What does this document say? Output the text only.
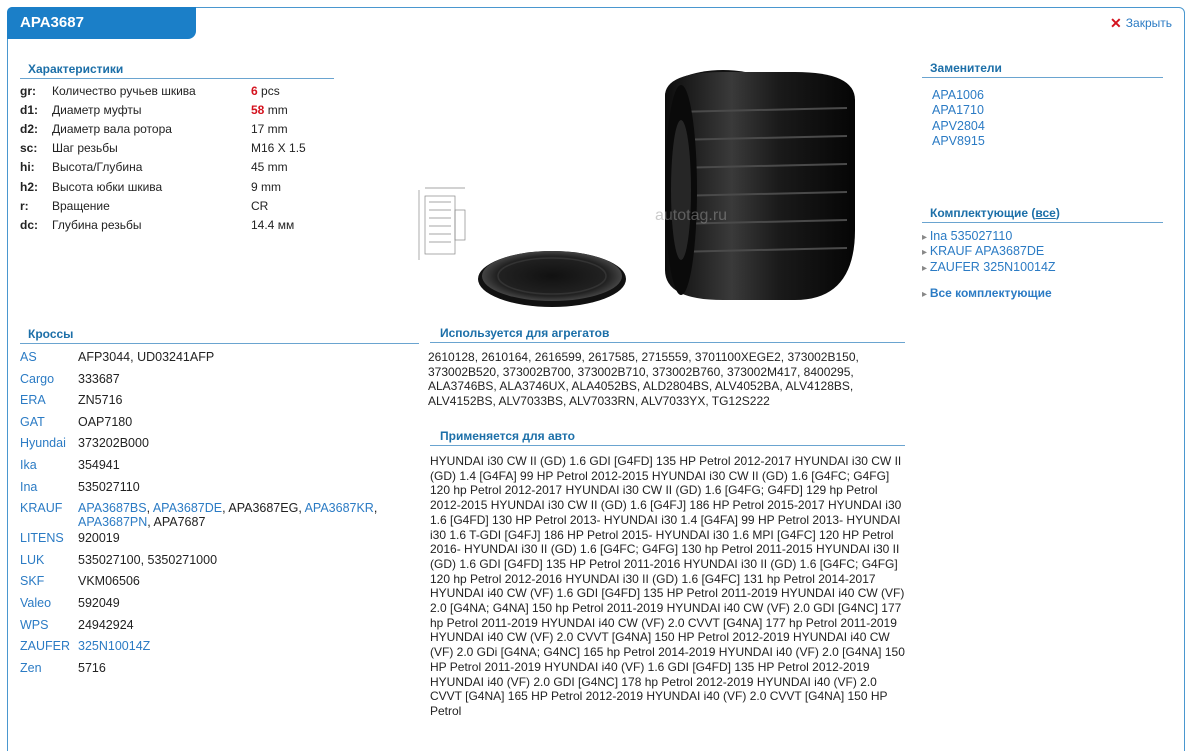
APA3687	✕ Закрыть
Характеристики
gr:	Количество ручьев шкива	6 pcs
d1:	Диаметр муфты	58 mm
d2:	Диаметр вала ротора	17 mm
sc:	Шаг резьбы	M16 X 1.5
hi:	Высота/Глубина	45 mm
h2:	Высота юбки шкива	9 mm
r:	Вращение	CR
dc:	Глубина резьбы	14.4 мм
autotag.ru
Заменители
APA1006
APA1710
APV2804
APV8915
Комплектующие (все)
▸ Ina 535027110
▸ KRAUF APA3687DE
▸ ZAUFER 325N10014Z
▸ Все комплектующие
Кроссы
AS	AFP3044, UD03241AFP
Cargo	333687
ERA	ZN5716
GAT	OAP7180
Hyundai	373202B000
Ika	354941
Ina	535027110
KRAUF	APA3687BS, APA3687DE, APA3687EG, APA3687KR, APA3687PN, APA7687
LITENS	920019
LUK	535027100, 5350271000
SKF	VKM06506
Valeo	592049
WPS	24942924
ZAUFER	325N10014Z
Zen	5716
Используется для агрегатов
2610128, 2610164, 2616599, 2617585, 2715559, 3701100XEGE2, 373002B150, 373002B520, 373002B700, 373002B710, 373002B760, 373002M417, 8400295, ALA3746BS, ALA3746UX, ALA4052BS, ALD2804BS, ALV4052BA, ALV4128BS, ALV4152BS, ALV7033BS, ALV7033RN, ALV7033YX, TG12S222
Применяется для авто
HYUNDAI i30 CW II (GD) 1.6 GDI [G4FD] 135 HP Petrol 2012-2017 HYUNDAI i30 CW II (GD) 1.4 [G4FA] 99 HP Petrol 2012-2015 HYUNDAI i30 CW II (GD) 1.6 [G4FC; G4FG] 120 hp Petrol 2012-2017 HYUNDAI i30 CW II (GD) 1.6 [G4FG; G4FD] 129 hp Petrol 2012-2015 HYUNDAI i30 CW II (GD) 1.6 [G4FJ] 186 HP Petrol 2015-2017 HYUNDAI i30 1.6 [G4FD] 130 HP Petrol 2013- HYUNDAI i30 1.4 [G4FA] 99 HP Petrol 2013- HYUNDAI i30 1.6 T-GDI [G4FJ] 186 HP Petrol 2015- HYUNDAI i30 1.6 MPI [G4FC] 120 HP Petrol 2016- HYUNDAI i30 II (GD) 1.6 [G4FC; G4FG] 130 hp Petrol 2011-2015 HYUNDAI i30 II (GD) 1.6 GDI [G4FD] 135 HP Petrol 2011-2016 HYUNDAI i30 II (GD) 1.6 [G4FC; G4FG] 120 hp Petrol 2012-2016 HYUNDAI i30 II (GD) 1.6 [G4FC] 131 hp Petrol 2014-2017 HYUNDAI i40 CW (VF) 1.6 GDI [G4FD] 135 HP Petrol 2011-2019 HYUNDAI i40 CW (VF) 2.0 [G4NA; G4NA] 150 hp Petrol 2011-2019 HYUNDAI i40 CW (VF) 2.0 GDI [G4NC] 177 hp Petrol 2011-2019 HYUNDAI i40 CW (VF) 2.0 CVVT [G4NA] 177 hp Petrol 2011-2019 HYUNDAI i40 CW (VF) 2.0 CVVT [G4NA] 150 HP Petrol 2012-2019 HYUNDAI i40 CW (VF) 2.0 GDi [G4NA; G4NC] 165 hp Petrol 2014-2019 HYUNDAI i40 (VF) 2.0 [G4NA] 150 HP Petrol 2011-2019 HYUNDAI i40 (VF) 1.6 GDI [G4FD] 135 HP Petrol 2012-2019 HYUNDAI i40 (VF) 2.0 GDI [G4NC] 178 hp Petrol 2012-2019 HYUNDAI i40 (VF) 2.0 CVVT [G4NA] 165 HP Petrol 2012-2019 HYUNDAI i40 (VF) 2.0 CVVT [G4NA] 150 HP Petrol
